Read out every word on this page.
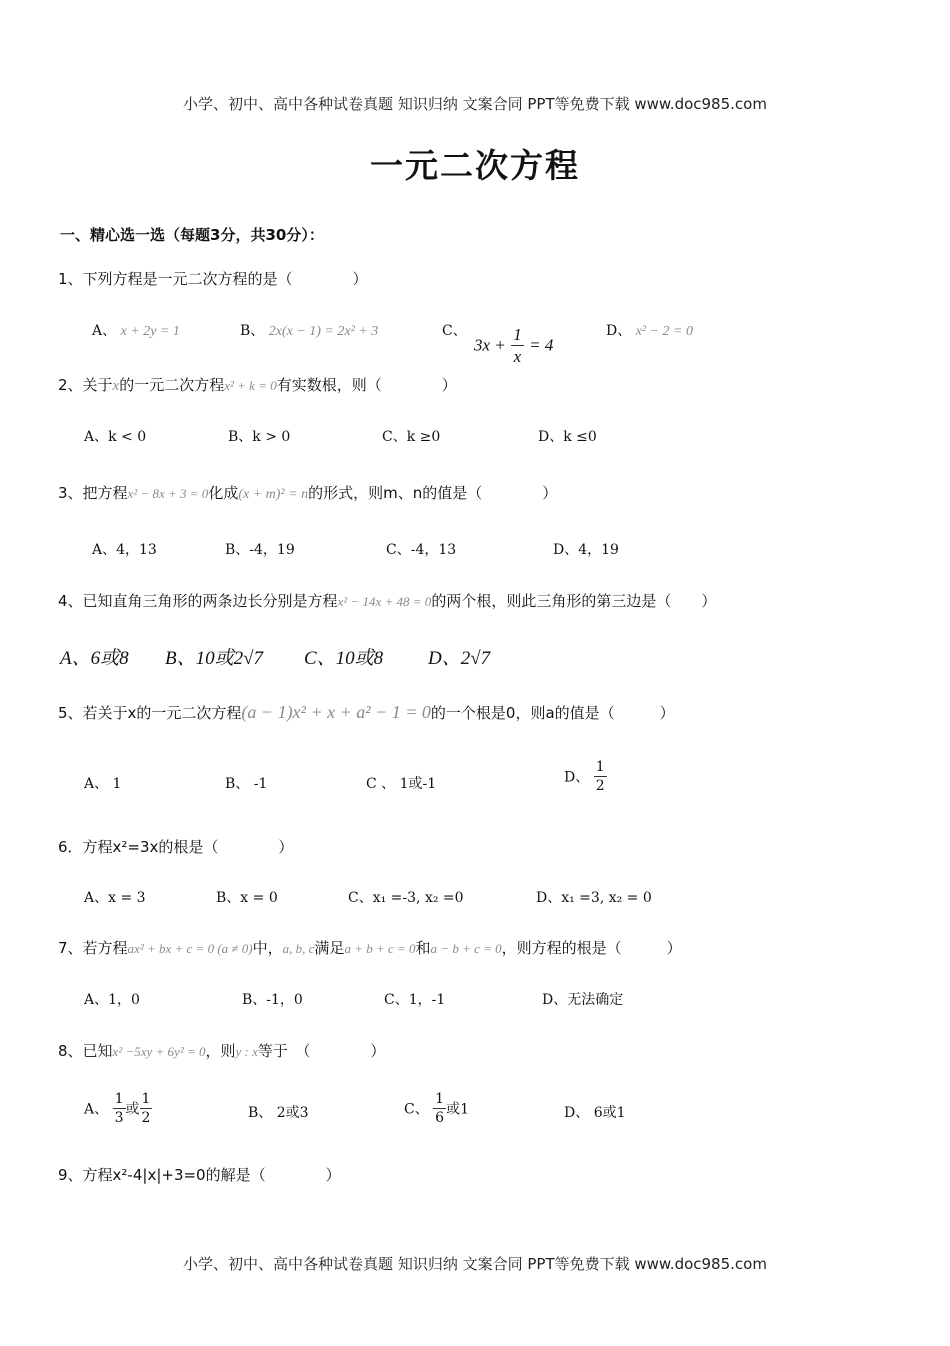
小学、初中、高中各种试卷真题 知识归纳 文案合同 PPT等免费下载 www.doc985.com
一元二次方程
一、精心选一选（每题3分，共30分）：
1、下列方程是一元二次方程的是（　　　　）
A、 x + 2y = 1	B、 2x(x − 1) = 2x² + 3	C、
$3x + \frac{1}{x} = 4$
D、 x² − 2 = 0
2、关于x的一元二次方程x² + k = 0有实数根，则（　　　　）
A、k < 0	B、k > 0	C、k ≥0	D、k ≤0
3、把方程x² − 8x + 3 = 0化成(x + m)² = n的形式，则m、n的值是（　　　　）
A、4，13	B、-4，19	C、-4，13	D、4，19
4、已知直角三角形的两条边长分别是方程x² − 14x + 48 = 0的两个根，则此三角形的第三边是（　　）
A、6或8 B、10或2√7 C、10或8 D、2√7
5、若关于x的一元二次方程(a − 1)x² + x + a² − 1 = 0的一个根是0，则a的值是（　　　）
A、 1	B、 -1	C 、 1或-1	D、 $\frac{1}{2}$
6．方程x²=3x的根是（　　　　）
A、x = 3	B、x = 0	C、x₁ =-3, x₂ =0	D、x₁ =3, x₂ = 0
7、若方程ax² + bx + c = 0 (a ≠ 0)中，a, b, c满足a + b + c = 0和a − b + c = 0，则方程的根是（　　　）
A、1，0	B、-1，0	C、1，-1	D、无法确定
8、已知x² −5xy + 6y² = 0，则y : x等于　（　　　　）
A、 $\frac{1}{3}$ 或 $\frac{1}{2}$	B、 2或3	C、 $\frac{1}{6}$ 或1	D、 6或1
9、方程x²-4|x|+3=0的解是（　　　　）
小学、初中、高中各种试卷真题 知识归纳 文案合同 PPT等免费下载 www.doc985.com
